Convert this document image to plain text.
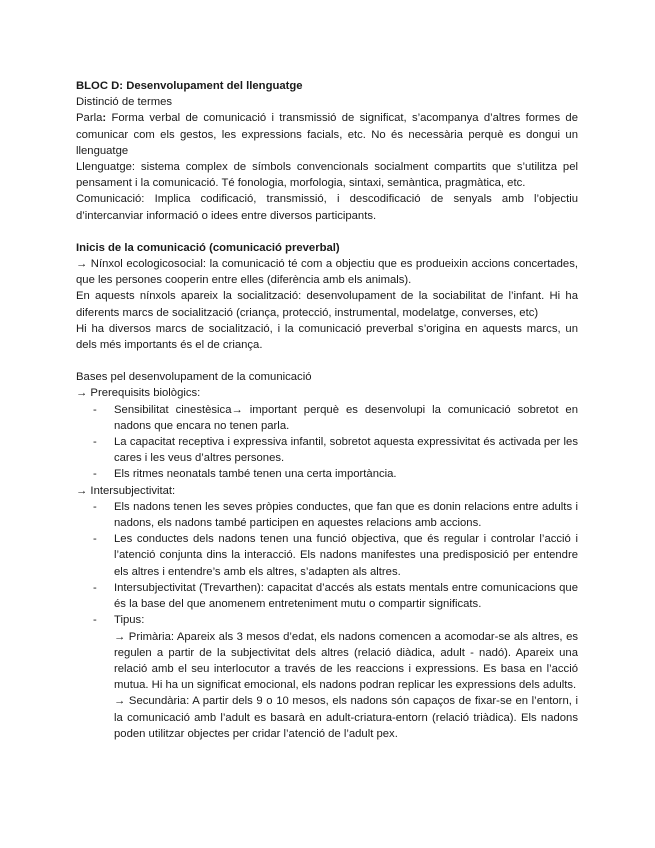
BLOC D: Desenvolupament del llenguatge

Distinció de termes

Parla: Forma verbal de comunicació i transmissió de significat, s’acompanya d’altres formes de comunicar com els gestos, les expressions facials, etc. No és necessària perquè es dongui un llenguatge

Llenguatge: sistema complex de símbols convencionals socialment compartits que s’utilitza pel pensament i la comunicació. Té fonologia, morfologia, sintaxi, semàntica, pragmàtica, etc.

Comunicació: Implica codificació, transmissió, i descodificació de senyals amb l’objectiu d’intercanviar informació o idees entre diversos participants.

Inicis de la comunicació (comunicació preverbal)

→ Nínxol ecologicosocial: la comunicació té com a objectiu que es produeixin accions concertades, que les persones cooperin entre elles (diferència amb els animals).

En aquests nínxols apareix la socialització: desenvolupament de la sociabilitat de l’infant. Hi ha diferents marcs de socialització (criança, protecció, instrumental, modelatge, converses, etc)

Hi ha diversos marcs de socialització, i la comunicació preverbal s’origina en aquests marcs, un dels més importants és el de criança.

Bases pel desenvolupament de la comunicació

→ Prerequisits biològics:

- Sensibilitat cinestèsica→ important perquè es desenvolupi la comunicació sobretot en nadons que encara no tenen parla.
- La capacitat receptiva i expressiva infantil, sobretot aquesta expressivitat és activada per les cares i les veus d’altres persones.
- Els ritmes neonatals també tenen una certa importància.

→ Intersubjectivitat:

- Els nadons tenen les seves pròpies conductes, que fan que es donin relacions entre adults i nadons, els nadons també participen en aquestes relacions amb accions.
- Les conductes dels nadons tenen una funció objectiva, que és regular i controlar l’acció i l’atenció conjunta dins la interacció. Els nadons manifestes una predisposició per entendre els altres i entendre’s amb els altres, s’adapten als altres.
- Intersubjectivitat (Trevarthen): capacitat d’accés als estats mentals entre comunicacions que és la base del que anomenem entreteniment mutu o compartir significats.
- Tipus:
→ Primària: Apareix als 3 mesos d’edat, els nadons comencen a acomodar-se als altres, es regulen a partir de la subjectivitat dels altres (relació diàdica, adult - nadó). Apareix una relació amb el seu interlocutor a través de les reaccions i expressions. Es basa en l’acció mutua. Hi ha un significat emocional, els nadons podran replicar les expressions dels adults.
→ Secundària: A partir dels 9 o 10 mesos, els nadons són capaços de fixar-se en l’entorn, i la comunicació amb l’adult es basarà en adult-criatura-entorn (relació triàdica). Els nadons poden utilitzar objectes per cridar l’atenció de l’adult pex.
